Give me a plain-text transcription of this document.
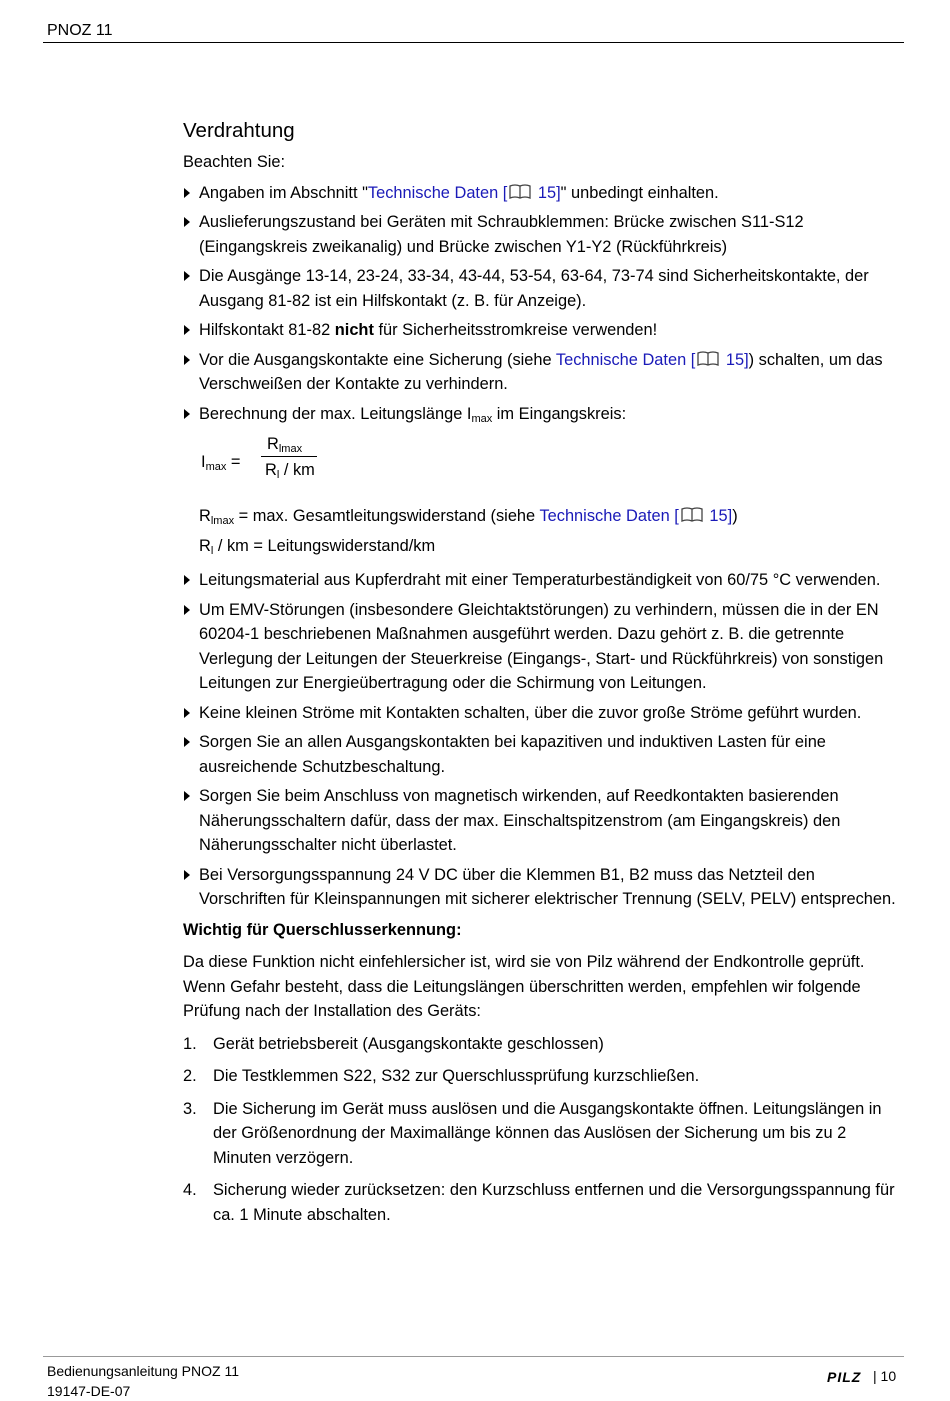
PNOZ 11
Verdrahtung

Beachten Sie:

Angaben im Abschnitt "Technische Daten [ 15]" unbedingt einhalten.
Auslieferungszustand bei Geräten mit Schraubklemmen: Brücke zwischen S11-S12 (Eingangskreis zweikanalig) und Brücke zwischen Y1-Y2 (Rückführkreis)
Die Ausgänge 13-14, 23-24, 33-34, 43-44, 53-54, 63-64, 73-74 sind Sicherheitskontakte, der Ausgang 81-82 ist ein Hilfskontakt (z. B. für Anzeige).
Hilfskontakt 81-82 nicht für Sicherheitsstromkreise verwenden!
Vor die Ausgangskontakte eine Sicherung (siehe Technische Daten [ 15]) schalten, um das Verschweißen der Kontakte zu verhindern.
Berechnung der max. Leitungslänge $I_{max}$ im Eingangskreis:
$I_{max}$ =
$R_{lmax}$
$R_l$ / km
$R_{lmax} = \max$. Gesamtleitungswiderstand (siehe Technische Daten [ 15])
$R_l$ / km = Leitungswiderstand/km
Leitungsmaterial aus Kupferdraht mit einer Temperaturbeständigkeit von 60/75 °C verwenden.
Um EMV-Störungen (insbesondere Gleichtaktstörungen) zu verhindern, müssen die in der EN 60204-1 beschriebenen Maßnahmen ausgeführt werden. Dazu gehört z. B. die getrennte Verlegung der Leitungen der Steuerkreise (Eingangs-, Start- und Rückführkreis) von sonstigen Leitungen zur Energieübertragung oder die Schirmung von Leitungen.
Keine kleinen Ströme mit Kontakten schalten, über die zuvor große Ströme geführt wurden.
Sorgen Sie an allen Ausgangskontakten bei kapazitiven und induktiven Lasten für eine ausreichende Schutzbeschaltung.
Sorgen Sie beim Anschluss von magnetisch wirkenden, auf Reedkontakten basierenden Näherungsschaltern dafür, dass der max. Einschaltspitzenstrom (am Eingangskreis) den Näherungsschalter nicht überlastet.
Bei Versorgungsspannung 24 V DC über die Klemmen B1, B2 muss das Netzteil den Vorschriften für Kleinspannungen mit sicherer elektrischer Trennung (SELV, PELV) entsprechen.

Wichtig für Querschlusserkennung:

Da diese Funktion nicht einfehlersicher ist, wird sie von Pilz während der Endkontrolle geprüft. Wenn Gefahr besteht, dass die Leitungslängen überschritten werden, empfehlen wir folgende Prüfung nach der Installation des Geräts:

1. Gerät betriebsbereit (Ausgangskontakte geschlossen)
2. Die Testklemmen S22, S32 zur Querschlussprüfung kurzschließen.
3. Die Sicherung im Gerät muss auslösen und die Ausgangskontakte öffnen. Leitungslängen in der Größenordnung der Maximallänge können das Auslösen der Sicherung um bis zu 2 Minuten verzögern.
4. Sicherung wieder zurücksetzen: den Kurzschluss entfernen und die Versorgungsspannung für ca. 1 Minute abschalten.
Bedienungsanleitung PNOZ 11
19147-DE-07
PILZ | 10
